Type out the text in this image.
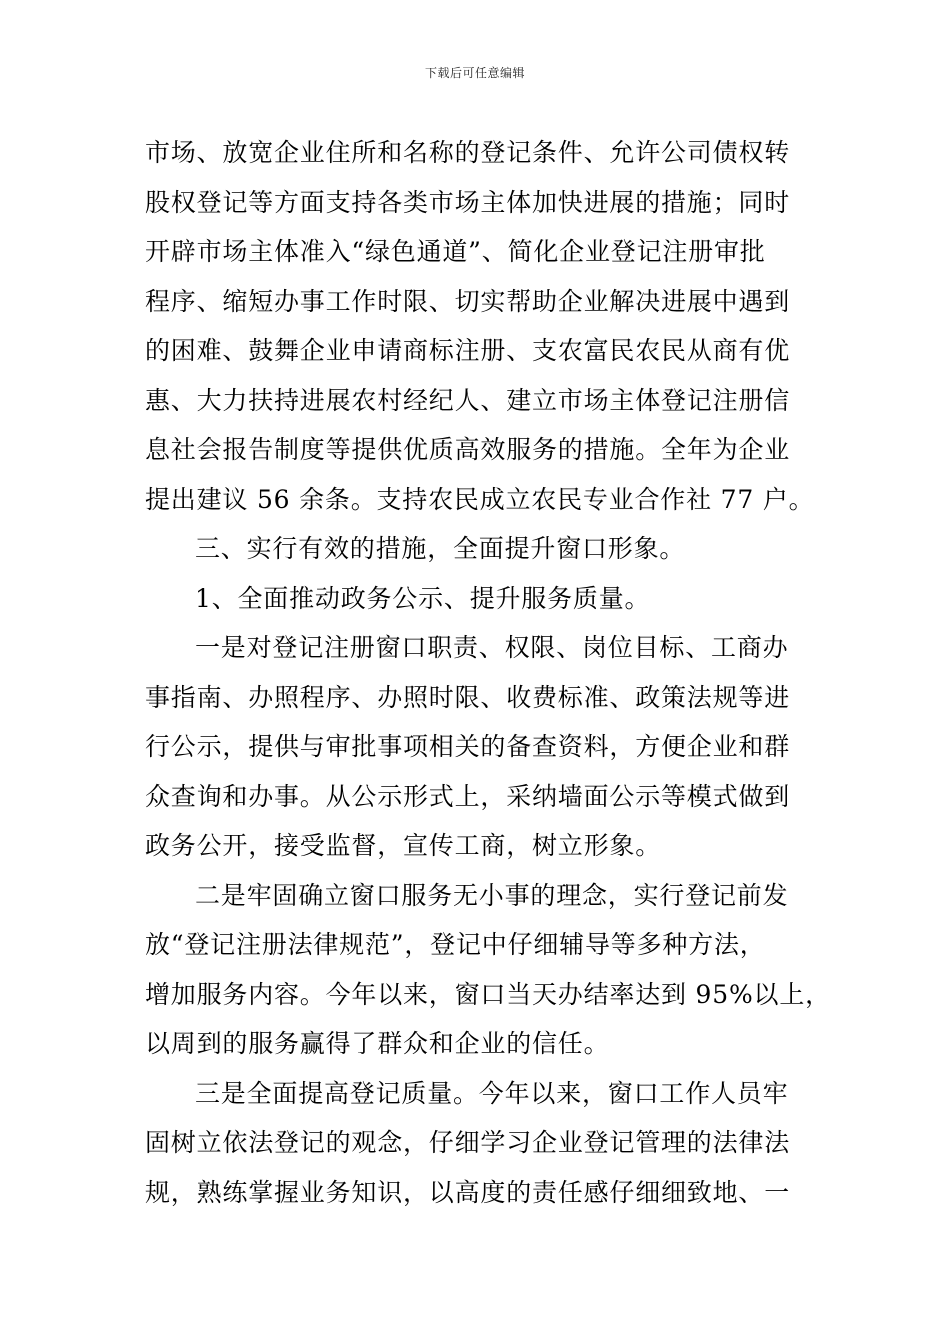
下载后可任意编辑
市场、放宽企业住所和名称的登记条件、允许公司债权转
股权登记等方面支持各类市场主体加快进展的措施；同时
开辟市场主体准入“绿色通道”、简化企业登记注册审批
程序、缩短办事工作时限、切实帮助企业解决进展中遇到
的困难、鼓舞企业申请商标注册、支农富民农民从商有优
惠、大力扶持进展农村经纪人、建立市场主体登记注册信
息社会报告制度等提供优质高效服务的措施。全年为企业
提出建议 56 余条。支持农民成立农民专业合作社 77 户。
三、实行有效的措施，全面提升窗口形象。
1、全面推动政务公示、提升服务质量。
一是对登记注册窗口职责、权限、岗位目标、工商办
事指南、办照程序、办照时限、收费标准、政策法规等进
行公示，提供与审批事项相关的备查资料，方便企业和群
众查询和办事。从公示形式上，采纳墙面公示等模式做到
政务公开，接受监督，宣传工商，树立形象。
二是牢固确立窗口服务无小事的理念，实行登记前发
放“登记注册法律规范”，登记中仔细辅导等多种方法，
增加服务内容。今年以来，窗口当天办结率达到 95%以上，
以周到的服务赢得了群众和企业的信任。
三是全面提高登记质量。今年以来，窗口工作人员牢
固树立依法登记的观念，仔细学习企业登记管理的法律法
规，熟练掌握业务知识，以高度的责任感仔细细致地、一
